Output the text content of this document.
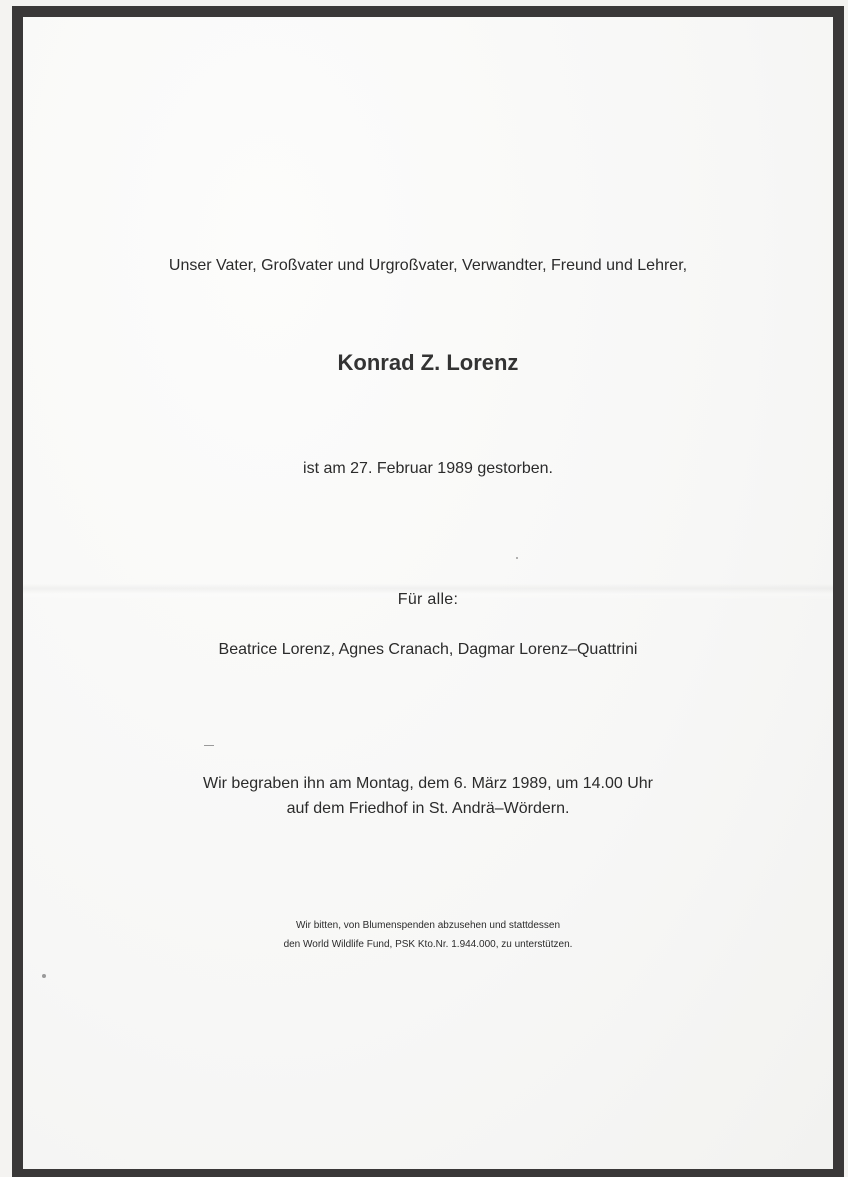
Unser Vater, Großvater und Urgroßvater, Verwandter, Freund und Lehrer,
Konrad Z. Lorenz
ist am 27. Februar 1989 gestorben.
Für alle:
Beatrice Lorenz, Agnes Cranach, Dagmar Lorenz–Quattrini
Wir begraben ihn am Montag, dem 6. März 1989, um 14.00 Uhr
auf dem Friedhof in St. Andrä–Wördern.
Wir bitten, von Blumenspenden abzusehen und stattdessen
den World Wildlife Fund, PSK Kto.Nr. 1.944.000, zu unterstützen.
